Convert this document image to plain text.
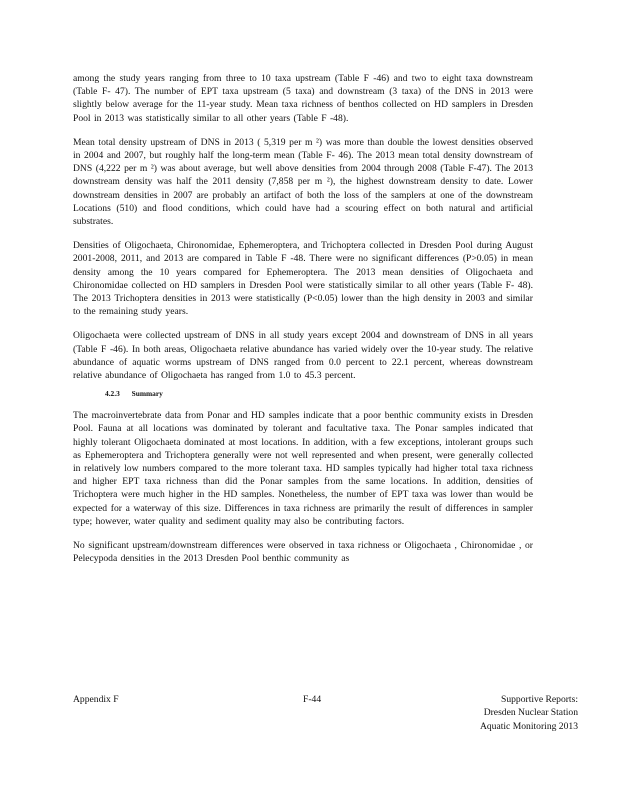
among the study years ranging from three to 10 taxa upstream (Table F -46) and two to eight taxa downstream (Table F- 47). The number of EPT taxa upstream (5 taxa) and downstream (3 taxa) of the DNS in 2013 were slightly below average for the 11-year study. Mean taxa richness of benthos collected on HD samplers in Dresden Pool in 2013 was statistically similar to all other years (Table F -48).

Mean total density upstream of DNS in 2013 ( 5,319 per m ²) was more than double the lowest densities observed in 2004 and 2007, but roughly half the long-term mean (Table F- 46). The 2013 mean total density downstream of DNS (4,222 per m ²) was about average, but well above densities from 2004 through 2008 (Table F-47). The 2013 downstream density was half the 2011 density (7,858 per m ²), the highest downstream density to date. Lower downstream densities in 2007 are probably an artifact of both the loss of the samplers at one of the downstream Locations (510) and flood conditions, which could have had a scouring effect on both natural and artificial substrates.

Densities of Oligochaeta, Chironomidae, Ephemeroptera, and Trichoptera collected in Dresden Pool during August 2001-2008, 2011, and 2013 are compared in Table F -48. There were no significant differences (P>0.05) in mean density among the 10 years compared for Ephemeroptera. The 2013 mean densities of Oligochaeta and Chironomidae collected on HD samplers in Dresden Pool were statistically similar to all other years (Table F- 48). The 2013 Trichoptera densities in 2013 were statistically (P<0.05) lower than the high density in 2003 and similar to the remaining study years.

Oligochaeta were collected upstream of DNS in all study years except 2004 and downstream of DNS in all years (Table F -46). In both areas, Oligochaeta relative abundance has varied widely over the 10-year study. The relative abundance of aquatic worms upstream of DNS ranged from 0.0 percent to 22.1 percent, whereas downstream relative abundance of Oligochaeta has ranged from 1.0 to 45.3 percent.

4.2.3 Summary

The macroinvertebrate data from Ponar and HD samples indicate that a poor benthic community exists in Dresden Pool. Fauna at all locations was dominated by tolerant and facultative taxa. The Ponar samples indicated that highly tolerant Oligochaeta dominated at most locations. In addition, with a few exceptions, intolerant groups such as Ephemeroptera and Trichoptera generally were not well represented and when present, were generally collected in relatively low numbers compared to the more tolerant taxa. HD samples typically had higher total taxa richness and higher EPT taxa richness than did the Ponar samples from the same locations. In addition, densities of Trichoptera were much higher in the HD samples. Nonetheless, the number of EPT taxa was lower than would be expected for a waterway of this size. Differences in taxa richness are primarily the result of differences in sampler type; however, water quality and sediment quality may also be contributing factors.

No significant upstream/downstream differences were observed in taxa richness or Oligochaeta , Chironomidae , or Pelecypoda densities in the 2013 Dresden Pool benthic community as

Appendix F	F-44	Supportive Reports:
Dresden Nuclear Station
Aquatic Monitoring 2013
